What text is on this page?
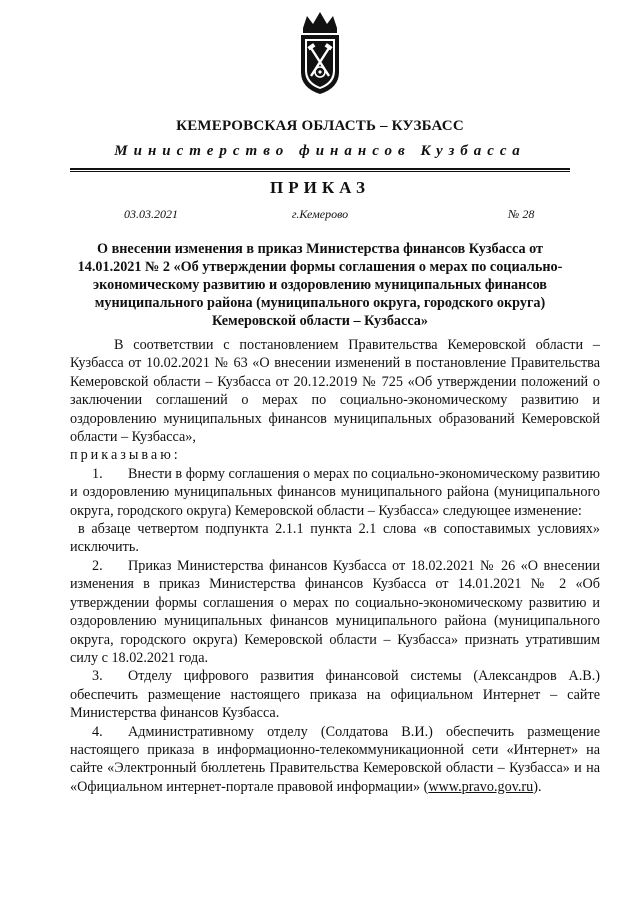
КЕМЕРОВСКАЯ ОБЛАСТЬ – КУЗБАСС
Министерство финансов Кузбасса
ПРИКАЗ
03.03.2021	г.Кемерово	№ 28
О внесении изменения в приказ Министерства финансов Кузбасса от 14.01.2021 № 2 «Об утверждении формы соглашения о мерах по социально-экономическому развитию и оздоровлению муниципальных финансов муниципального района (муниципального округа, городского округа) Кемеровской области – Кузбасса»

В соответствии с постановлением Правительства Кемеровской области – Кузбасса от 10.02.2021 № 63 «О внесении изменений в постановление Правительства Кемеровской области – Кузбасса от 20.12.2019 № 725 «Об утверждении положений о заключении соглашений о мерах по социально-экономическому развитию и оздоровлению муниципальных финансов муниципальных образований Кемеровской области – Кузбасса»,

приказываю:

1. Внести в форму соглашения о мерах по социально-экономическому развитию и оздоровлению муниципальных финансов муниципального района (муниципального округа, городского округа) Кемеровской области – Кузбасса» следующее изменение:

в абзаце четвертом подпункта 2.1.1 пункта 2.1 слова «в сопоставимых условиях» исключить.

2. Приказ Министерства финансов Кузбасса от 18.02.2021 № 26 «О внесении изменения в приказ Министерства финансов Кузбасса от 14.01.2021 № 2 «Об утверждении формы соглашения о мерах по социально-экономическому развитию и оздоровлению муниципальных финансов муниципального района (муниципального округа, городского округа) Кемеровской области – Кузбасса» признать утратившим силу с 18.02.2021 года.

3. Отделу цифрового развития финансовой системы (Александров А.В.) обеспечить размещение настоящего приказа на официальном Интернет – сайте Министерства финансов Кузбасса.

4. Административному отделу (Солдатова В.И.) обеспечить размещение настоящего приказа в информационно-телекоммуникационной сети «Интернет» на сайте «Электронный бюллетень Правительства Кемеровской области – Кузбасса» и на «Официальном интернет-портале правовой информации» (www.pravo.gov.ru).
